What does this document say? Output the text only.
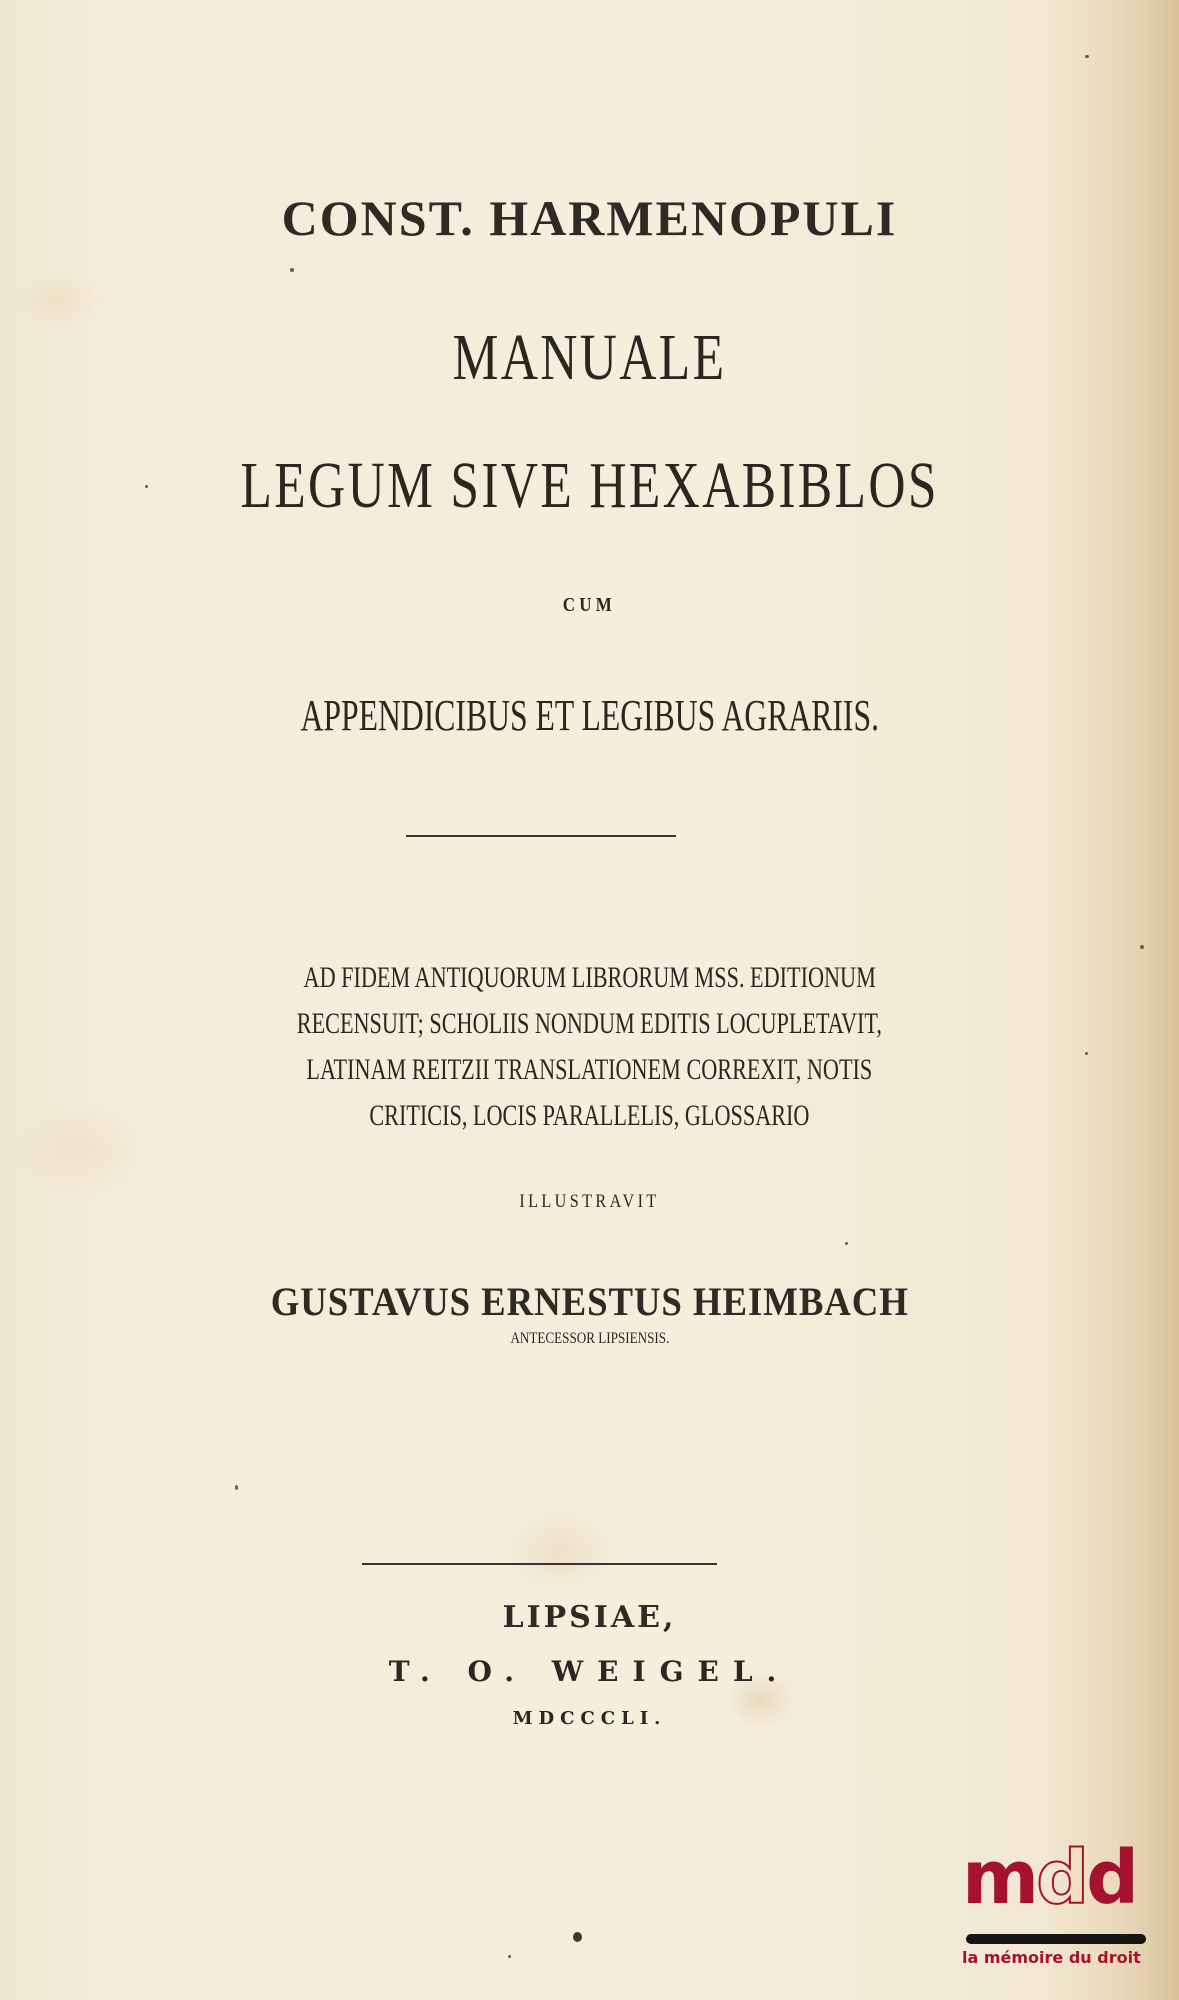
CONST. HARMENOPULI
MANUALE
LEGUM SIVE HEXABIBLOS
CUM
APPENDICIBUS ET LEGIBUS AGRARIIS.
AD FIDEM ANTIQUORUM LIBRORUM MSS. EDITIONUM
RECENSUIT; SCHOLIIS NONDUM EDITIS LOCUPLETAVIT,
LATINAM REITZII TRANSLATIONEM CORREXIT, NOTIS
CRITICIS, LOCIS PARALLELIS, GLOSSARIO
ILLUSTRAVIT
GUSTAVUS ERNESTUS HEIMBACH
ANTECESSOR LIPSIENSIS.
LIPSIAE,
T. O. WEIGEL.
MDCCCLI.
mdd
la mémoire du droit
